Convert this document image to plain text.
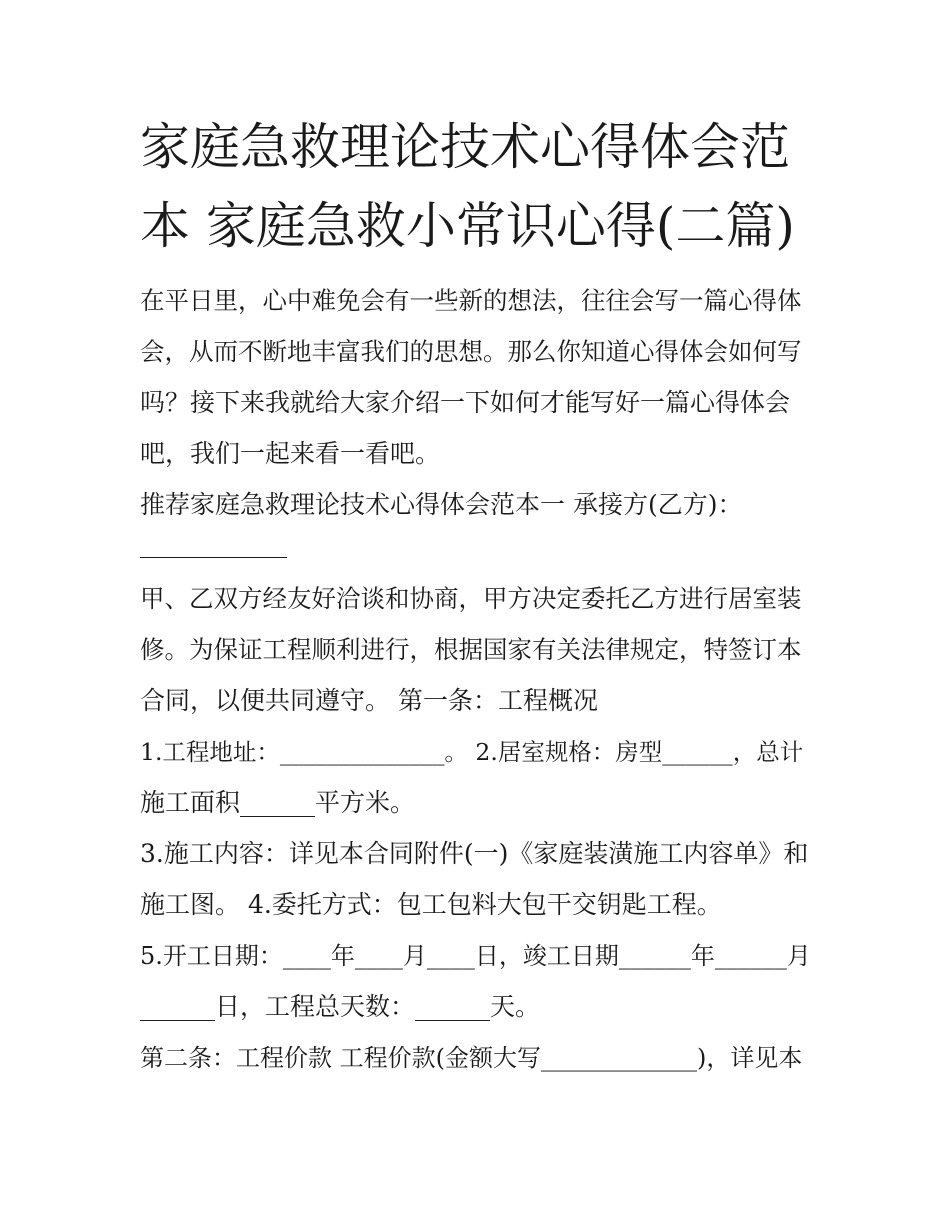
家庭急救理论技术心得体会范
本 家庭急救小常识心得(二篇)

在平日里，心中难免会有一些新的想法，往往会写一篇心得体

会，从而不断地丰富我们的思想。那么你知道心得体会如何写

吗？接下来我就给大家介绍一下如何才能写好一篇心得体会

吧，我们一起来看一看吧。

推荐家庭急救理论技术心得体会范本一 承接方(乙方)：

甲、乙双方经友好洽谈和协商，甲方决定委托乙方进行居室装

修。为保证工程顺利进行，根据国家有关法律规定，特签订本

合同，以便共同遵守。 第一条：工程概况

1.工程地址：______________。 2.居室规格：房型______，总计

施工面积______平方米。

3.施工内容：详见本合同附件(一)《家庭装潢施工内容单》和

施工图。 4.委托方式：包工包料大包干交钥匙工程。

5.开工日期：____年____月____日，竣工日期______年______月

______日，工程总天数：______天。

第二条：工程价款 工程价款(金额大写_____________)，详见本
